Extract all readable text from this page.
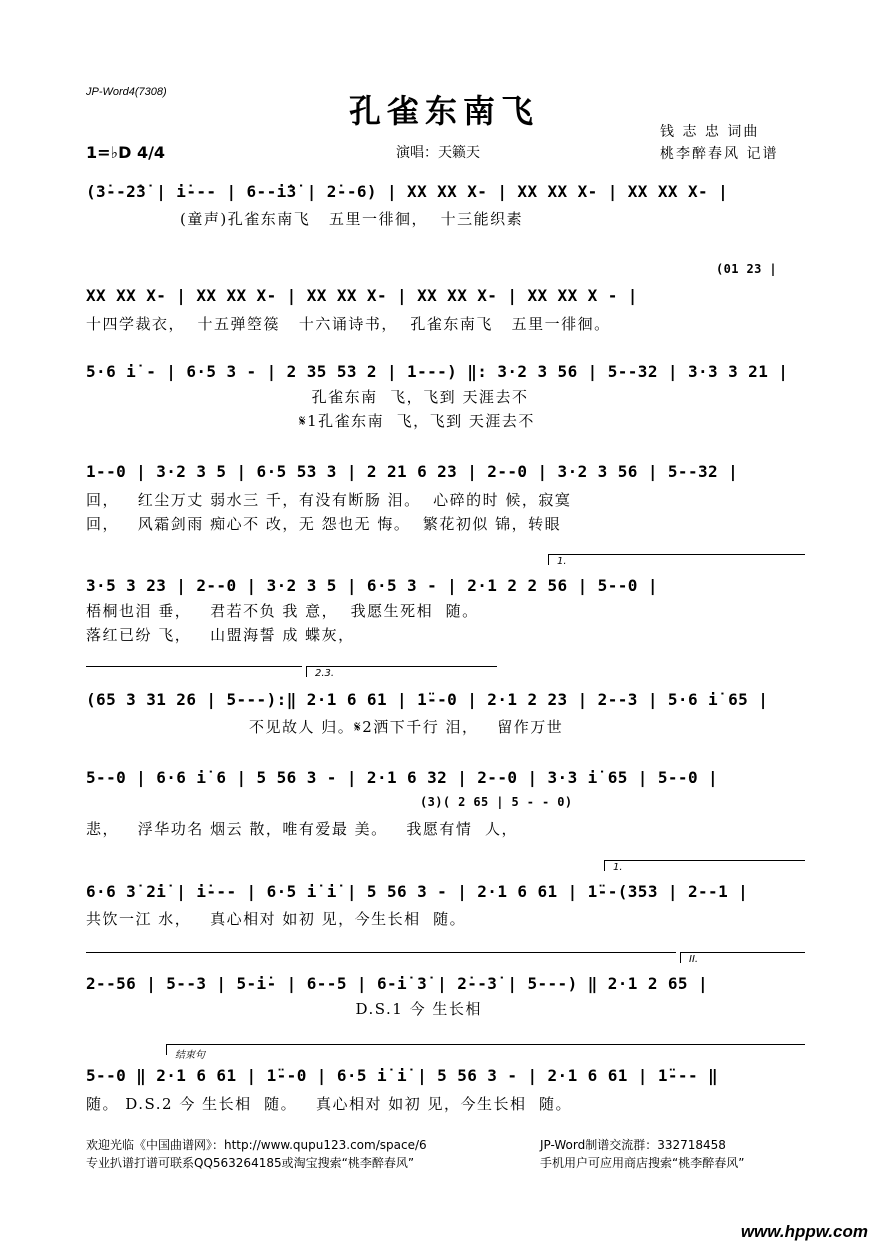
JP-Word4(7308)	孔雀东南飞
钱 志 忠 词曲
桃李醉春风 记谱
1=♭D 4/4	演唱：天籁天
(3̇--2̇3̇ | i̇--- | 6--i̇3̇ | 2̇--6) | XX XX X- | XX XX X- | XX XX X- |
(童声)孔雀东南飞   五里一徘徊，  十三能织素
(01 23 |
XX XX X- | XX XX X- | XX XX X- | XX XX X- | XX XX X - |
十四学裁衣，  十五弹箜篌   十六诵诗书，  孔雀东南飞   五里一徘徊。
5·6 i̇ - | 6·5 3 - | 2 35 53 2 | 1---) ‖: 3·2 3 56 | 5--32 | 3·3 3 21 |
孔雀东南  飞，飞到 天涯去不
𝄋1孔雀东南  飞，飞到 天涯去不
1--0 | 3·2 3 5 | 6·5 53 3 | 2 21 6 23 | 2--0 | 3·2 3 56 | 5--32 |
回，   红尘万丈 弱水三 千，有没有断肠 泪。  心碎的时 候，寂寞
回，   风霜剑雨 痴心不 改，无 怨也无 悔。  繁花初似 锦，转眼
1.
3·5 3 23 | 2--0 | 3·2 3 5 | 6·5 3 - | 2·1 2 2 56 | 5--0 |
梧桐也泪 垂，   君若不负 我 意，  我愿生死相  随。
落红已纷 飞，   山盟海誓 成 蝶灰，
2.3.
(65 3 31 26 | 5---):‖ 2·1 6 61 | 1̈--0 | 2·1 2 23 | 2--3 | 5·6 i̇ 65 |
不见故人 归。𝄋2洒下千行 泪，   留作万世
5--0 | 6·6 i̇ 6 | 5 56 3 - | 2·1 6 32 | 2--0 | 3·3 i̇ 65 | 5--0 |
(3)( 2 65 | 5 - - 0)
悲，   浮华功名 烟云 散，唯有爱最 美。   我愿有情  人，
1.
6·6 3̇ 2̇i̇ | i̇--- | 6·5 i̇ i̇ | 5 56 3 - | 2·1 6 61 | 1̈--(353 | 2--1 |
共饮一江 水，   真心相对 如初 见，今生长相  随。
II.
2--56 | 5--3 | 5-i̇- | 6--5 | 6-i̇ 3̇ | 2̇--3̇ | 5---) ‖ 2·1 2 65 |
D.S.1 今 生长相
结束句
5--0 ‖ 2·1 6 61 | 1̈--0 | 6·5 i̇ i̇ | 5 56 3 - | 2·1 6 61 | 1̈--- ‖
随。 D.S.2 今 生长相  随。   真心相对 如初 见，今生长相  随。
欢迎光临《中国曲谱网》：http://www.qupu123.com/space/6	JP-Word制谱交流群：332718458
专业扒谱打谱可联系QQ563264185或淘宝搜索“桃李醉春风”	手机用户可应用商店搜索“桃李醉春风”
www.hppw.com
